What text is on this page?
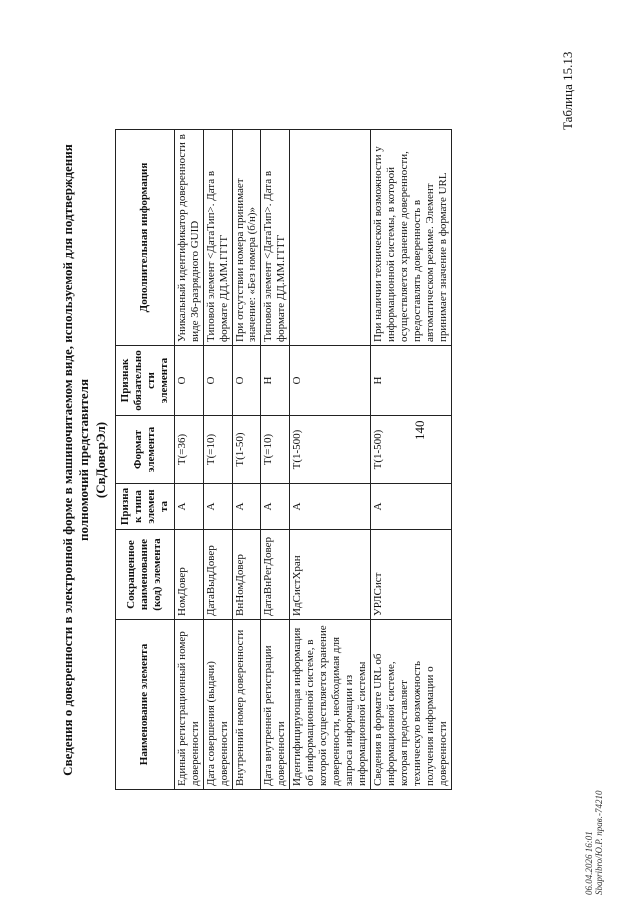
140
Таблица 15.13
Сведения о доверенности в электронной форме в машиночитаемом виде, используемой для подтверждения полномочий представителя (СвДоверЭл)
Наименование элемента	Сокращенное наименование (код) элемента	Признак типа элемента	Формат элемента	Признак обязательности элемента	Дополнительная информация
Единый регистрационный номер доверенности	НомДовер	А	T(=36)	О	Уникальный идентификатор доверенности в виде 36-разрядного GUID
Дата совершения (выдачи) доверенности	ДатаВыдДовер	А	T(=10)	О	Типовой элемент <ДатаТип>. Дата в формате ДД.ММ.ГГГГ
Внутренний номер доверенности	ВнНомДовер	А	T(1-50)	О	При отсутствии номера принимает значение: «Без номера (б/н)»
Дата внутренней регистрации доверенности	ДатаВнРегДовер	А	T(=10)	Н	Типовой элемент <ДатаТип>. Дата в формате ДД.ММ.ГГГГ
Идентифицирующая информация об информационной системе, в которой осуществляется хранение доверенности, необходимая для запроса информации из информационной системы	ИдСистХран	А	T(1-500)	О	
Сведения в формате URL об информационной системе, которая предоставляет техническую возможность получения информации о доверенности	УРЛСист	А	T(1-500)	Н	При наличии технической возможности у информационной системы, в которой осуществляется хранение доверенности, предоставлять доверенность в автоматическом режиме. Элемент принимает значение в формате URL
06.04.2026 16:01 Sbapribro/Ю.Р. прав.-74210
